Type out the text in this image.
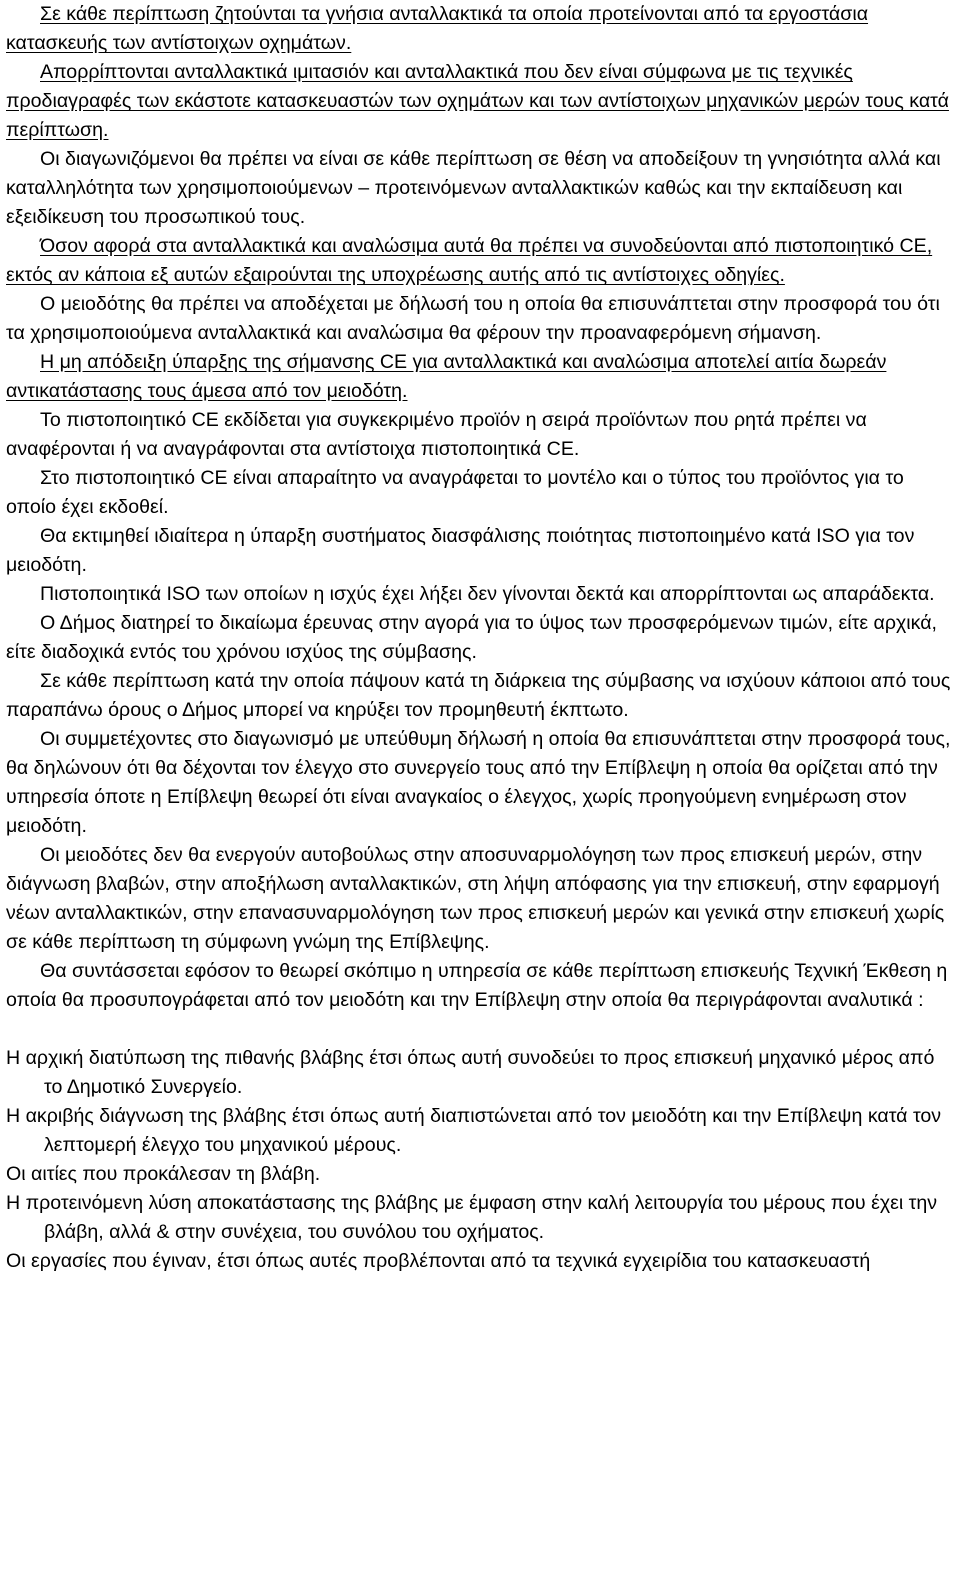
Σε κάθε περίπτωση ζητούνται τα γνήσια ανταλλακτικά τα οποία προτείνονται από τα εργοστάσια κατασκευής των αντίστοιχων οχημάτων.

Απορρίπτονται ανταλλακτικά ιμιτασιόν και ανταλλακτικά που δεν είναι σύμφωνα με τις τεχνικές προδιαγραφές των εκάστοτε κατασκευαστών των οχημάτων και των αντίστοιχων μηχανικών μερών τους κατά περίπτωση.

Οι διαγωνιζόμενοι θα πρέπει να είναι σε κάθε περίπτωση σε θέση να αποδείξουν τη γνησιότητα αλλά και καταλληλότητα των χρησιμοποιούμενων – προτεινόμενων ανταλλακτικών καθώς και την εκπαίδευση και εξειδίκευση του προσωπικού τους.

Όσον αφορά στα ανταλλακτικά και αναλώσιμα αυτά θα πρέπει να συνοδεύονται από πιστοποιητικό CE, εκτός αν κάποια εξ αυτών εξαιρούνται της υποχρέωσης αυτής από τις αντίστοιχες οδηγίες.

Ο μειοδότης θα πρέπει να αποδέχεται με δήλωσή του η οποία θα επισυνάπτεται στην προσφορά του ότι τα χρησιμοποιούμενα ανταλλακτικά και αναλώσιμα θα φέρουν την προαναφερόμενη σήμανση.

Η μη απόδειξη ύπαρξης της σήμανσης CE για ανταλλακτικά και αναλώσιμα αποτελεί αιτία δωρεάν αντικατάστασης τους άμεσα από τον μειοδότη.

Το πιστοποιητικό CE εκδίδεται για συγκεκριμένο προϊόν η σειρά προϊόντων που ρητά πρέπει να αναφέρονται ή να αναγράφονται στα αντίστοιχα πιστοποιητικά CE.

Στο πιστοποιητικό CE είναι απαραίτητο να αναγράφεται το μοντέλο και ο τύπος του προϊόντος για το οποίο έχει εκδοθεί.

Θα εκτιμηθεί ιδιαίτερα η ύπαρξη συστήματος διασφάλισης ποιότητας πιστοποιημένο κατά ISO για τον μειοδότη.

Πιστοποιητικά ISO των οποίων η ισχύς έχει λήξει δεν γίνονται δεκτά και απορρίπτονται ως απαράδεκτα.

Ο Δήμος διατηρεί το δικαίωμα έρευνας στην αγορά για το ύψος των προσφερόμενων τιμών, είτε αρχικά, είτε διαδοχικά εντός του χρόνου ισχύος της σύμβασης.

Σε κάθε περίπτωση κατά την οποία πάψουν κατά τη διάρκεια της σύμβασης να ισχύουν κάποιοι από τους παραπάνω όρους ο Δήμος μπορεί να κηρύξει τον προμηθευτή έκπτωτο.

Οι συμμετέχοντες στο διαγωνισμό με υπεύθυμη δήλωσή η οποία θα επισυνάπτεται στην προσφορά τους, θα δηλώνουν ότι θα δέχονται τον έλεγχο στο συνεργείο τους από την Επίβλεψη η οποία θα ορίζεται από την υπηρεσία όποτε η Επίβλεψη θεωρεί ότι είναι αναγκαίος ο έλεγχος, χωρίς προηγούμενη ενημέρωση στον μειοδότη.

Οι μειοδότες δεν θα ενεργούν αυτοβούλως στην αποσυναρμολόγηση των προς επισκευή μερών, στην διάγνωση βλαβών, στην αποξήλωση ανταλλακτικών, στη λήψη απόφασης για την επισκευή, στην εφαρμογή νέων ανταλλακτικών, στην επανασυναρμολόγηση των προς επισκευή μερών και γενικά στην επισκευή χωρίς σε κάθε περίπτωση τη σύμφωνη γνώμη της Επίβλεψης.

Θα συντάσσεται εφόσον το θεωρεί σκόπιμο η υπηρεσία σε κάθε περίπτωση επισκευής Τεχνική Έκθεση η οποία θα προσυπογράφεται από τον μειοδότη και την Επίβλεψη στην οποία θα περιγράφονται αναλυτικά :

Η αρχική διατύπωση της πιθανής βλάβης έτσι όπως αυτή συνοδεύει το προς επισκευή μηχανικό μέρος από το Δημοτικό Συνεργείο.

Η ακριβής διάγνωση της βλάβης έτσι όπως αυτή διαπιστώνεται από τον μειοδότη και την Επίβλεψη κατά τον λεπτομερή έλεγχο του μηχανικού μέρους.

Οι αιτίες που προκάλεσαν τη βλάβη.

Η προτεινόμενη λύση αποκατάστασης της βλάβης με έμφαση στην καλή λειτουργία του μέρους που έχει την βλάβη, αλλά & στην συνέχεια, του συνόλου του οχήματος.

Οι εργασίες που έγιναν, έτσι όπως αυτές προβλέπονται από τα τεχνικά εγχειρίδια του κατασκευαστή
